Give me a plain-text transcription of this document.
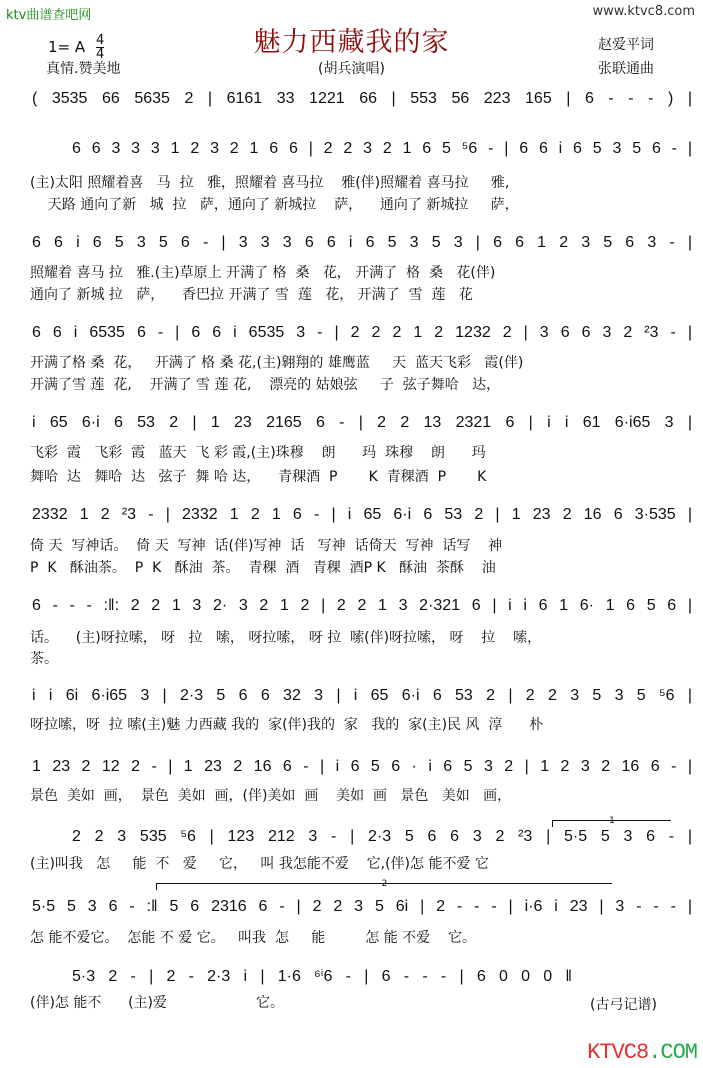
ktv曲谱查吧网	www.ktvc8.com
魅力西藏我的家
1= A $\frac{4}{4}$
真情.赞美地	(胡兵演唱)
赵爱平词
张联通曲
( 3535 66 5635 2 | 6161 33 1221 66 | 553 56 223 165 | 6 - - - ) |
6 6 3 3 3 1 2 3 2 1 6 6 | 2 2 3 2 1 6 5 ⁵6 - | 6 6 i 6 5 3 5 6 - |
(主)太阳 照耀着喜   马  拉   雅，照耀着 喜马拉    雅(伴)照耀着 喜马拉     雅,
天路 通向了新   城  拉   萨，通向了 新城拉    萨，    通向了 新城拉     萨，
6 6 i 6 5 3 5 6 - | 3 3 3 6 6 i 6 5 3 5 3 | 6 6 1 2 3 5 6 3 - |
照耀着 喜马 拉   雅.(主)草原上 开满了 格  桑   花， 开满了  格  桑   花(伴)
通向了 新城 拉   萨，    香巴拉 开满了 雪  莲   花， 开满了  雪  莲   花
6 6 i 6535 6 - | 6 6 i 6535 3 - | 2 2 2 1 2 1232 2 | 3 6 6 3 2 ²3 - |
开满了格 桑  花，   开满了 格 桑 花,(主)翱翔的 雄鹰蓝     天  蓝天飞彩   霞(伴)
开满了雪 莲  花,    开满了 雪 莲 花,    漂亮的 姑娘弦     子  弦子舞哈   达，
i 65 6·i 6 53 2 | 1 23 2165 6 - | 2 2 13 2321 6 | i i 61 6·i65 3 |
飞彩  霞   飞彩  霞   蓝天  飞 彩 霞,(主)珠穆    朗      玛  珠穆    朗      玛
舞哈  达   舞哈  达   弦子  舞 哈 达，    青稞酒  P       K  青稞酒  P       K
2332 1 2 ²3 - | 2332 1 2 1 6 - | i 65 6·i 6 53 2 | 1 23 2 16 6 3·535 |
倚 天  写神话。  倚 天  写神  话(伴)写神  话   写神  话倚天  写神  话写    神
P  K   酥油茶。  P  K   酥油  茶。  青稞  酒   青稞  酒P K   酥油  茶酥    油
6 - - - :‖: 2 2 1 3 2· 3 2 1 2 | 2 2 1 3 2·321 6 | i i 6 1 6· 1 6 5 6 |
话。    (主)呀拉嗦， 呀   拉   嗦， 呀拉嗦， 呀 拉  嗦(伴)呀拉嗦， 呀    拉    嗦，
茶。
i i 6i 6·i65 3 | 2·3 5 6 6 32 3 | i 65 6·i 6 53 2 | 2 2 3 5 3 5 ⁵6 |
呀拉嗦，呀  拉 嗦(主)魅 力西藏 我的  家(伴)我的  家   我的  家(主)民 风  淳      朴
1 23 2 12 2 - | 1 23 2 16 6 - | i 6 5 6 · i 6 5 3 2 | 1 2 3 2 16 6 - |
景色  美如  画，  景色  美如  画，(伴)美如  画    美如  画   景色   美如   画，
2 2 3 535 ⁵6 | 123 212 3 - | 2·3 5 6 6 3 2 ²3 | 5·5 5 3 6 - |
(主)叫我   怎     能  不   爱     它，   叫 我怎能不爱    它,(伴)怎 能不爱 它
5·5 5 3 6 - :‖ 5 6 2316 6 - | 2 2 3 5 6i | 2 - - - | i·6 i 23 | 3 - - - |
怎 能不爱它。  怎能 不 爱 它。   叫我  怎     能         怎 能 不爱    它。
5·3 2 - | 2 - 2·3 i | 1·6 ⁶ⁱ6 - | 6 - - - | 6 0 0 0 ‖
(伴)怎 能不      (主)爱                    它。
1
2
(古弓记谱)
KTVC8.COM
